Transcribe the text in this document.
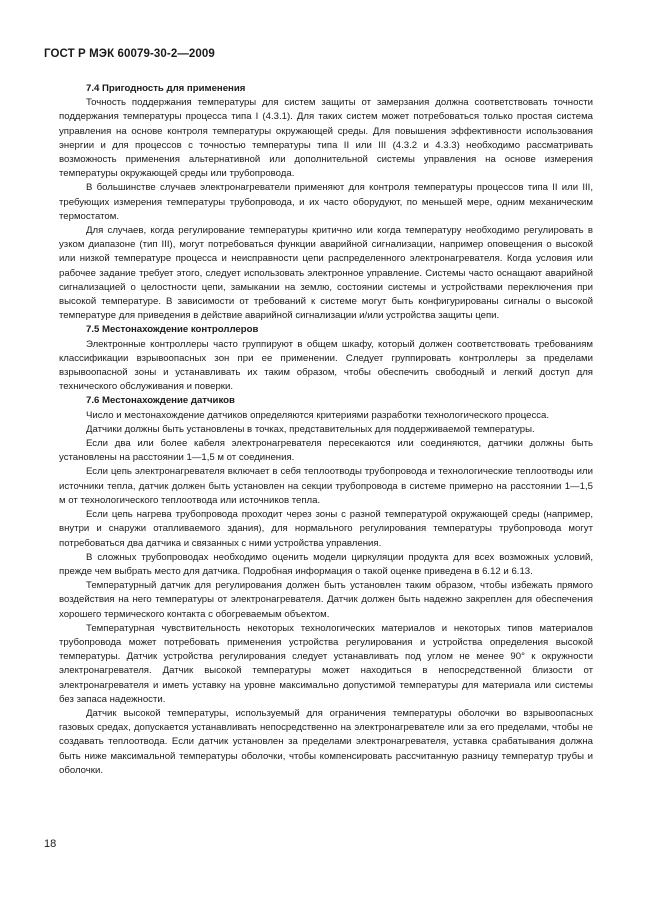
ГОСТ Р МЭК 60079-30-2—2009
7.4 Пригодность для применения

Точность поддержания температуры для систем защиты от замерзания должна соответствовать точности поддержания температуры процесса типа I (4.3.1). Для таких систем может потребоваться только простая система управления на основе контроля температуры окружающей среды. Для повышения эффективности использования энергии и для процессов с точностью температуры типа II или III (4.3.2 и 4.3.3) необходимо рассматривать возможность применения альтернативной или дополнительной системы управления на основе измерения температуры окружающей среды или трубопровода.

В большинстве случаев электронагреватели применяют для контроля температуры процессов типа II или III, требующих измерения температуры трубопровода, и их часто оборудуют, по меньшей мере, одним механическим термостатом.

Для случаев, когда регулирование температуры критично или когда температуру необходимо регулировать в узком диапазоне (тип III), могут потребоваться функции аварийной сигнализации, например оповещения о высокой или низкой температуре процесса и неисправности цепи распределенного электронагревателя. Когда условия или рабочее задание требует этого, следует использовать электронное управление. Системы часто оснащают аварийной сигнализацией о целостности цепи, замыкании на землю, состоянии системы и устройствами переключения при высокой температуре. В зависимости от требований к системе могут быть конфигурированы сигналы о высокой температуре для приведения в действие аварийной сигнализации и/или устройства защиты цепи.

7.5 Местонахождение контроллеров

Электронные контроллеры часто группируют в общем шкафу, который должен соответствовать требованиям классификации взрывоопасных зон при ее применении. Следует группировать контроллеры за пределами взрывоопасной зоны и устанавливать их таким образом, чтобы обеспечить свободный и легкий доступ для технического обслуживания и поверки.

7.6 Местонахождение датчиков

Число и местонахождение датчиков определяются критериями разработки технологического процесса.

Датчики должны быть установлены в точках, представительных для поддерживаемой температуры.

Если два или более кабеля электронагревателя пересекаются или соединяются, датчики должны быть установлены на расстоянии 1—1,5 м от соединения.

Если цепь электронагревателя включает в себя теплоотводы трубопровода и технологические теплоотводы или источники тепла, датчик должен быть установлен на секции трубопровода в системе примерно на расстоянии 1—1,5 м от технологического теплоотвода или источников тепла.

Если цепь нагрева трубопровода проходит через зоны с разной температурой окружающей среды (например, внутри и снаружи отапливаемого здания), для нормального регулирования температуры трубопровода могут потребоваться два датчика и связанных с ними устройства управления.

В сложных трубопроводах необходимо оценить модели циркуляции продукта для всех возможных условий, прежде чем выбрать место для датчика. Подробная информация о такой оценке приведена в 6.12 и 6.13.

Температурный датчик для регулирования должен быть установлен таким образом, чтобы избежать прямого воздействия на него температуры от электронагревателя. Датчик должен быть надежно закреплен для обеспечения хорошего термического контакта с обогреваемым объектом.

Температурная чувствительность некоторых технологических материалов и некоторых типов материалов трубопровода может потребовать применения устройства регулирования и устройства определения высокой температуры. Датчик устройства регулирования следует устанавливать под углом не менее 90° к окружности электронагревателя. Датчик высокой температуры может находиться в непосредственной близости от электронагревателя и иметь уставку на уровне максимально допустимой температуры для материала или системы без запаса надежности.

Датчик высокой температуры, используемый для ограничения температуры оболочки во взрывоопасных газовых средах, допускается устанавливать непосредственно на электронагревателе или за его пределами, чтобы не создавать теплоотвода. Если датчик установлен за пределами электронагревателя, уставка срабатывания должна быть ниже максимальной температуры оболочки, чтобы компенсировать рассчитанную разницу температур трубы и оболочки.

18
